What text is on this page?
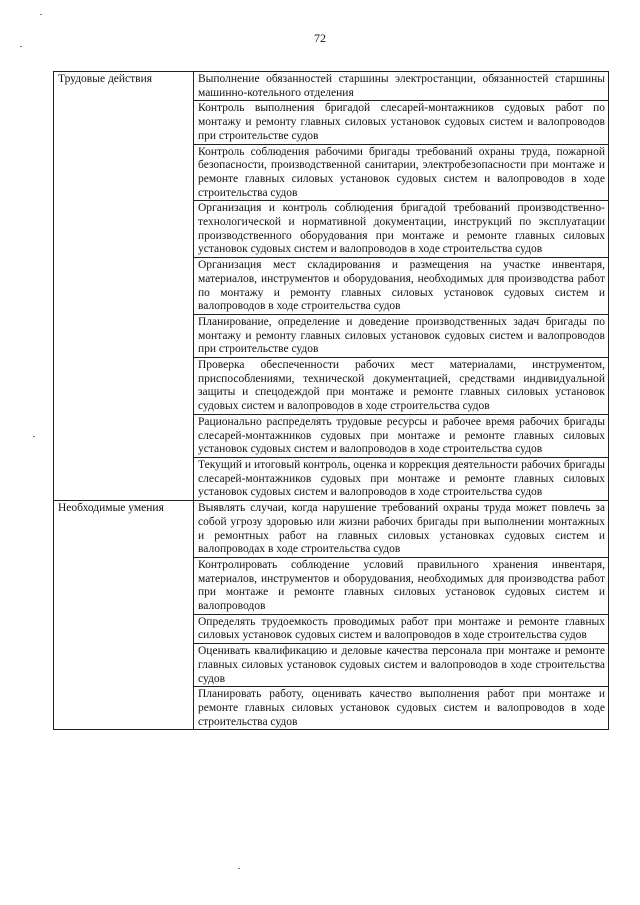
72
Трудовые действия	Выполнение обязанностей старшины электростанции, обязанностей старшины машинно-котельного отделения
	Контроль выполнения бригадой слесарей-монтажников судовых работ по монтажу и ремонту главных силовых установок судовых систем и валопроводов при строительстве судов
	Контроль соблюдения рабочими бригады требований охраны труда, пожарной безопасности, производственной санитарии, электробезопасности при монтаже и ремонте главных силовых установок судовых систем и валопроводов в ходе строительства судов
	Организация и контроль соблюдения бригадой требований производственно-технологической и нормативной документации, инструкций по эксплуатации производственного оборудования при монтаже и ремонте главных силовых установок судовых систем и валопроводов в ходе строительства судов
	Организация мест складирования и размещения на участке инвентаря, материалов, инструментов и оборудования, необходимых для производства работ по монтажу и ремонту главных силовых установок судовых систем и валопроводов в ходе строительства судов
	Планирование, определение и доведение производственных задач бригады по монтажу и ремонту главных силовых установок судовых систем и валопроводов при строительстве судов
	Проверка обеспеченности рабочих мест материалами, инструментом, приспособлениями, технической документацией, средствами индивидуальной защиты и спецодеждой при монтаже и ремонте главных силовых установок судовых систем и валопроводов в ходе строительства судов
	Рационально распределять трудовые ресурсы и рабочее время рабочих бригады слесарей-монтажников судовых при монтаже и ремонте главных силовых установок судовых систем и валопроводов в ходе строительства судов
	Текущий и итоговый контроль, оценка и коррекция деятельности рабочих бригады слесарей-монтажников судовых при монтаже и ремонте главных силовых установок судовых систем и валопроводов в ходе строительства судов
Необходимые умения	Выявлять случаи, когда нарушение требований охраны труда может повлечь за собой угрозу здоровью или жизни рабочих бригады при выполнении монтажных и ремонтных работ на главных силовых установках судовых систем и валопроводах в ходе строительства судов
	Контролировать соблюдение условий правильного хранения инвентаря, материалов, инструментов и оборудования, необходимых для производства работ при монтаже и ремонте главных силовых установок судовых систем и валопроводов
	Определять трудоемкость проводимых работ при монтаже и ремонте главных силовых установок судовых систем и валопроводов в ходе строительства судов
	Оценивать квалификацию и деловые качества персонала при монтаже и ремонте главных силовых установок судовых систем и валопроводов в ходе строительства судов
	Планировать работу, оценивать качество выполнения работ при монтаже и ремонте главных силовых установок судовых систем и валопроводов в ходе строительства судов
